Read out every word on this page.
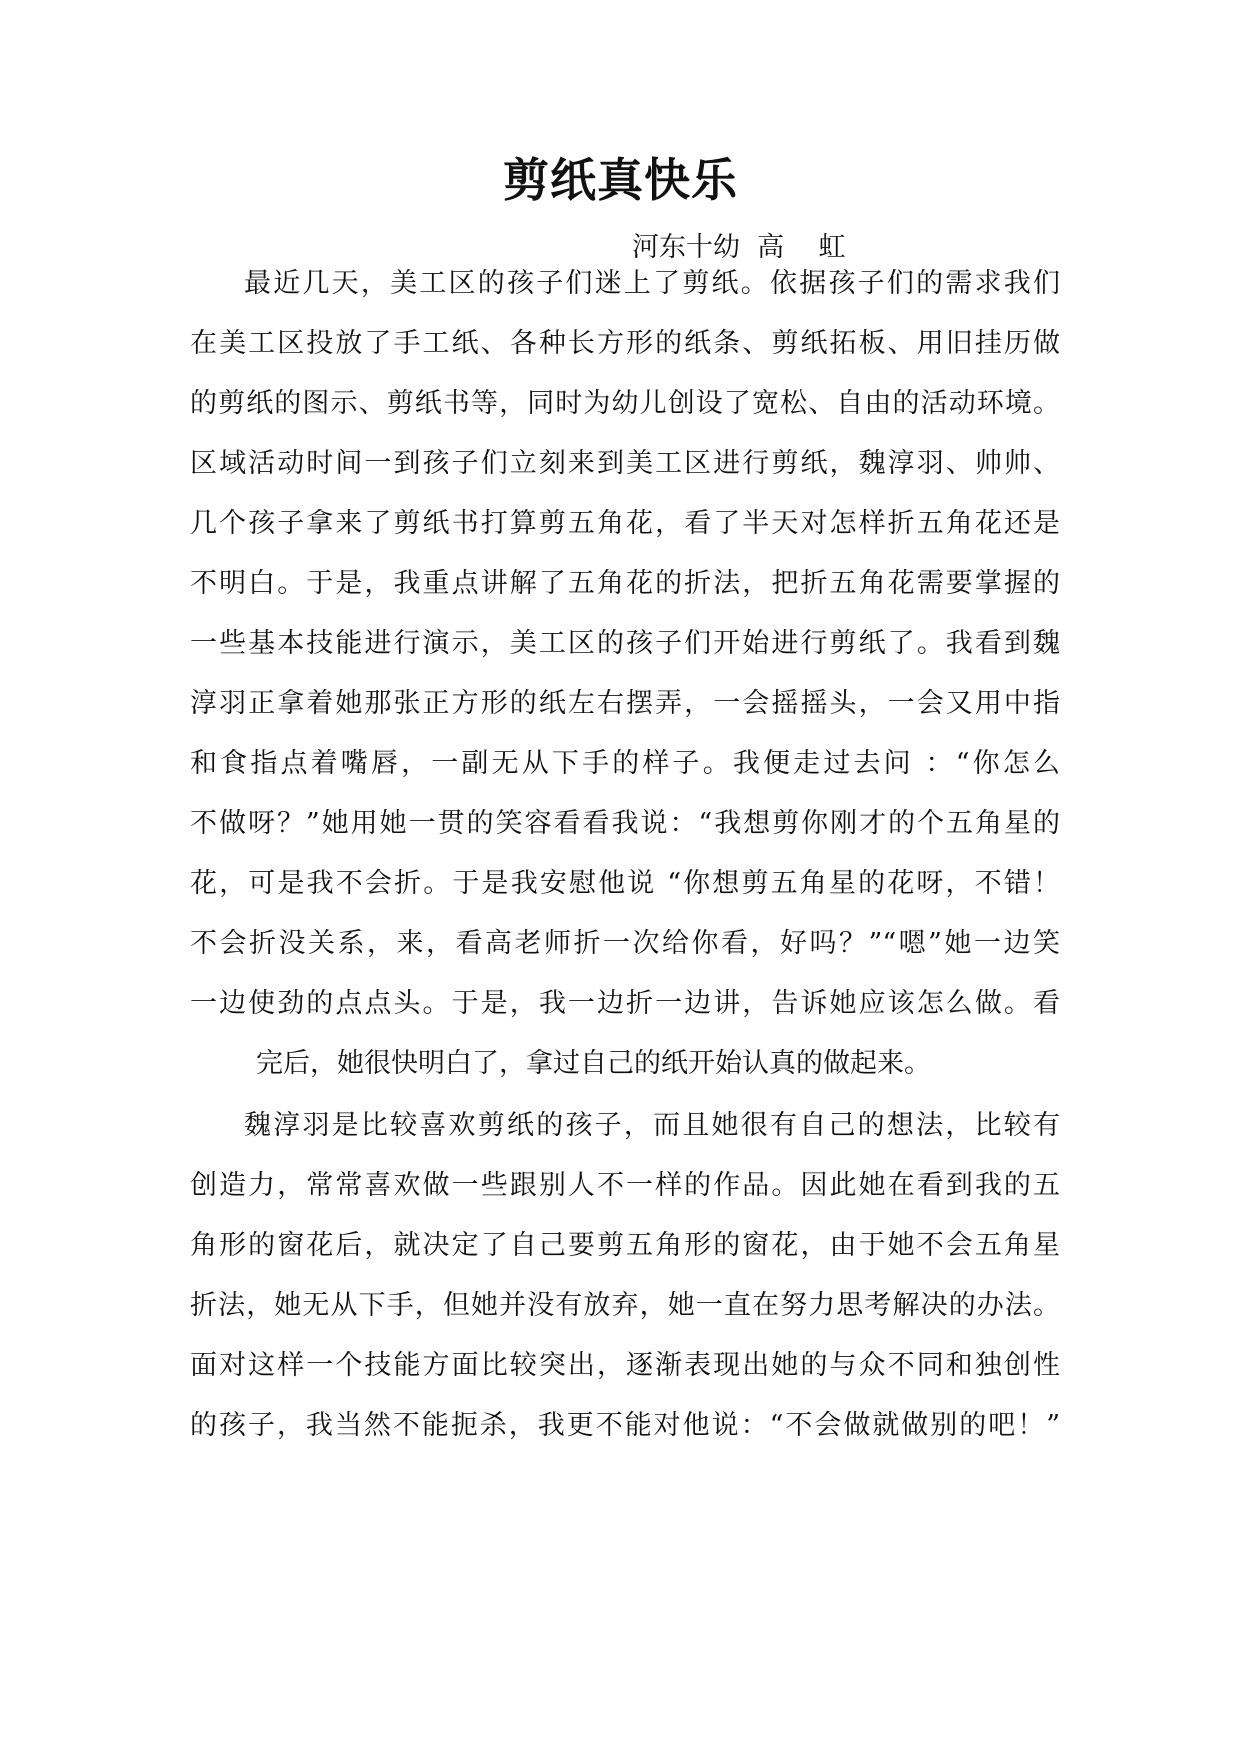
剪纸真快乐
河东十幼  高    虹
最近几天，美工区的孩子们迷上了剪纸。依据孩子们的需求我们
在美工区投放了手工纸、各种长方形的纸条、剪纸拓板、用旧挂历做
的剪纸的图示、剪纸书等，同时为幼儿创设了宽松、自由的活动环境。
区域活动时间一到孩子们立刻来到美工区进行剪纸，魏淳羽、帅帅、
几个孩子拿来了剪纸书打算剪五角花，看了半天对怎样折五角花还是
不明白。于是，我重点讲解了五角花的折法，把折五角花需要掌握的
一些基本技能进行演示，美工区的孩子们开始进行剪纸了。我看到魏
淳羽正拿着她那张正方形的纸左右摆弄，一会摇摇头，一会又用中指
和食指点着嘴唇，一副无从下手的样子。我便走过去问 ：“你怎么
不做呀？”她用她一贯的笑容看看我说：“我想剪你刚才的个五角星的
花，可是我不会折。于是我安慰他说 “你想剪五角星的花呀，不错！
不会折没关系，来，看高老师折一次给你看，好吗？”“嗯”她一边笑
一边使劲的点点头。于是，我一边折一边讲，告诉她应该怎么做。看
完后，她很快明白了，拿过自己的纸开始认真的做起来。
魏淳羽是比较喜欢剪纸的孩子，而且她很有自己的想法，比较有
创造力，常常喜欢做一些跟别人不一样的作品。因此她在看到我的五
角形的窗花后，就决定了自己要剪五角形的窗花，由于她不会五角星
折法，她无从下手，但她并没有放弃，她一直在努力思考解决的办法。
面对这样一个技能方面比较突出，逐渐表现出她的与众不同和独创性
的孩子，我当然不能扼杀，我更不能对他说：“不会做就做别的吧！”
